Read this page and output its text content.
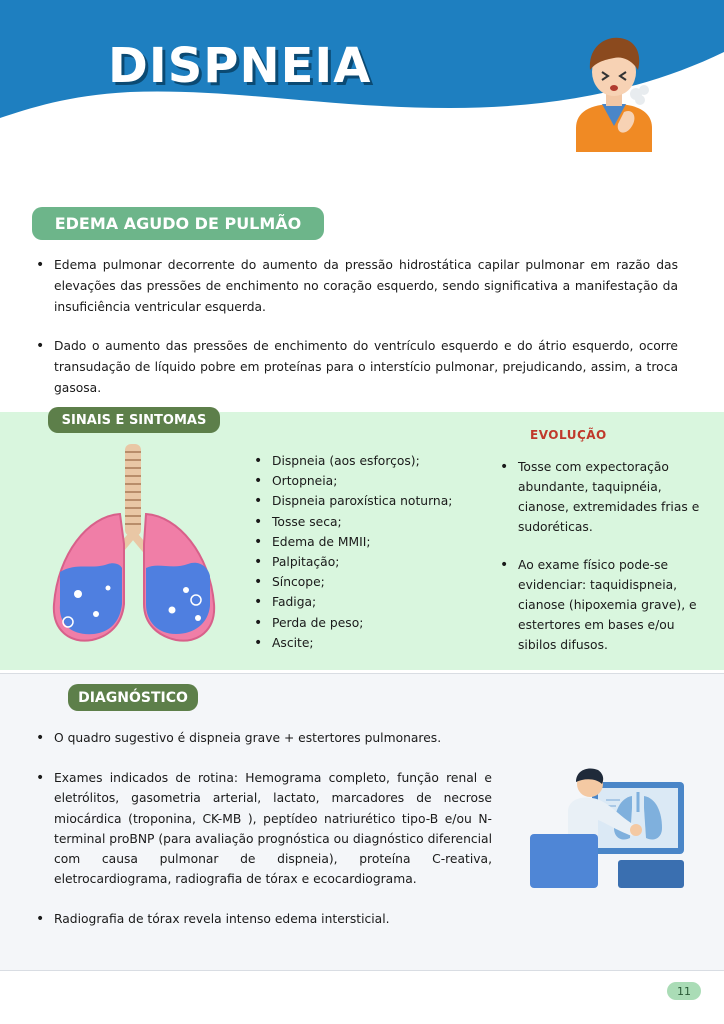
DISPNEIA
EDEMA AGUDO DE PULMÃO
• Edema pulmonar decorrente do aumento da pressão hidrostática capilar pulmonar em razão das elevações das pressões de enchimento no coração esquerdo, sendo significativa a manifestação da insuficiência ventricular esquerda.
• Dado o aumento das pressões de enchimento do ventrículo esquerdo e do átrio esquerdo, ocorre transudação de líquido pobre em proteínas para o interstício pulmonar, prejudicando, assim, a troca gasosa.
SINAIS E SINTOMAS
• Dispneia (aos esforços);
• Ortopneia;
• Dispneia paroxística noturna;
• Tosse seca;
• Edema de MMII;
• Palpitação;
• Síncope;
• Fadiga;
• Perda de peso;
• Ascite;
EVOLUÇÃO
• Tosse com expectoração abundante, taquipnéia, cianose, extremidades frias e sudoréticas.
• Ao exame físico pode-se evidenciar: taquidispneia, cianose (hipoxemia grave), e estertores em bases e/ou sibilos difusos.
DIAGNÓSTICO
• O quadro sugestivo é dispneia grave + estertores pulmonares.
• Exames indicados de rotina: Hemograma completo, função renal e eletrólitos, gasometria arterial, lactato, marcadores de necrose miocárdica (troponina, CK-MB ), peptídeo natriurético tipo-B e/ou N-terminal proBNP (para avaliação prognóstica ou diagnóstico diferencial com causa pulmonar de dispneia), proteína C-reativa, eletrocardiograma, radiografia de tórax e ecocardiograma.
• Radiografia de tórax revela intenso edema intersticial.
11
